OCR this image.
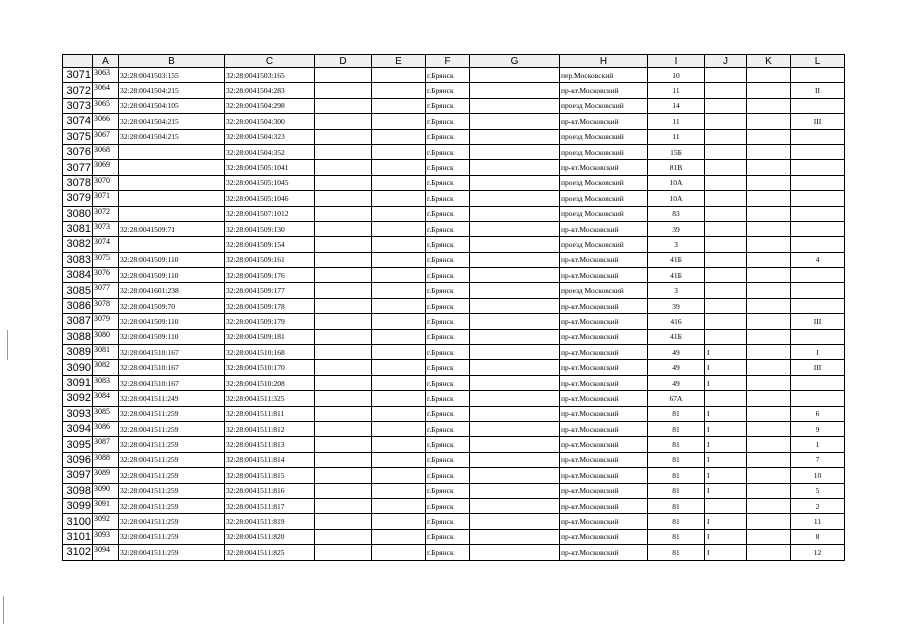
	A	B	C	D	E	F	G	H	I	J	K	L
3071	3063	32:28:0041503:155	32:28:0041503:165			г.Брянск		пер.Московский	10			
3072	3064	32:28:0041504:215	32:28:0041504:283			г.Брянск		пр-кт.Московский	11			II
3073	3065	32:28:0041504:105	32:28:0041504:298			г.Брянск		проезд Московский	14			
3074	3066	32:28:0041504:215	32:28:0041504:300			г.Брянск		пр-кт.Московский	11			III
3075	3067	32:28:0041504:215	32:28:0041504:323			г.Брянск		проезд Московский	11			
3076	3068		32:28:0041504:352			г.Брянск		проезд Московский	15Б			
3077	3069		32:28:0041505:1041			г.Брянск		пр-кт.Московский	81В			
3078	3070		32:28:0041505:1045			г.Брянск		проезд Московский	10А			
3079	3071		32:28:0041505:1046			г.Брянск		проезд Московский	10А			
3080	3072		32:28:0041507:1012			г.Брянск		проезд Московский	83			
3081	3073	32:28:0041509:71	32:28:0041509:130			г.Брянск		пр-кт.Московский	39			
3082	3074		32:28:0041509:154			г.Брянск		проезд Московский	3			
3083	3075	32:28:0041509:110	32:28:0041509:161			г.Брянск		пр-кт.Московский	41Б			4
3084	3076	32:28:0041509:110	32:28:0041509:176			г.Брянск		пр-кт.Московский	41Б			
3085	3077	32:28:0041601:238	32:28:0041509:177			г.Брянск		проезд Московский	3			
3086	3078	32:28:0041509:70	32:28:0041509:178			г.Брянск		пр-кт.Московский	39			
3087	3079	32:28:0041509:110	32:28:0041509:179			г.Брянск		пр-кт.Московский	416			III
3088	3080	32:28:0041509:110	32:28:0041509:181			г.Брянск		пр-кт.Московский	41Б			
3089	3081	32:28:0041510:167	32:28:0041510:168			г.Брянск		пр-кт.Московский	49	I		I
3090	3082	32:28:0041510:167	32:28:0041510:170			г.Брянск		пр-кт.Московский	49	I		III
3091	3083	32:28:0041510:167	32:28:0041510:208			г.Брянск		пр-кт.Московский	49	I		
3092	3084	32:28:0041511:249	32:28:0041511:325			г.Брянск		пр-кт.Московский	67А			
3093	3085	32:28:0041511:259	32:28:0041511:811			г.Брянск		пр-кт.Московский	81	I		6
3094	3086	32:28:0041511:259	32:28:0041511:812			г.Брянск		пр-кт.Московский	81	I		9
3095	3087	32:28:0041511:259	32:28:0041511:813			г.Брянск		пр-кт.Московский	81	I		1
3096	3088	32:28:0041511:259	32:28:0041511:814			г.Брянск		пр-кт.Московский	81	I		7
3097	3089	32:28:0041511:259	32:28:0041511:815			г.Брянск		пр-кт.Московский	81	I		10
3098	3090	32:28:0041511:259	32:28:0041511:816			г.Брянск		пр-кт.Московский	81	I		5
3099	3091	32:28:0041511:259	32:28:0041511:817			г.Брянск		пр-кт.Московский	81			2
3100	3092	32:28:0041511:259	32:28:0041511:819			г.Брянск		пр-кт.Московский	81	I		11
3101	3093	32:28:0041511:259	32:28:0041511:820			г.Брянск		пр-кт.Московский	81	I		8
3102	3094	32:28:0041511:259	32:28:0041511:825			г.Брянск		пр-кт.Московский	81	I		12
